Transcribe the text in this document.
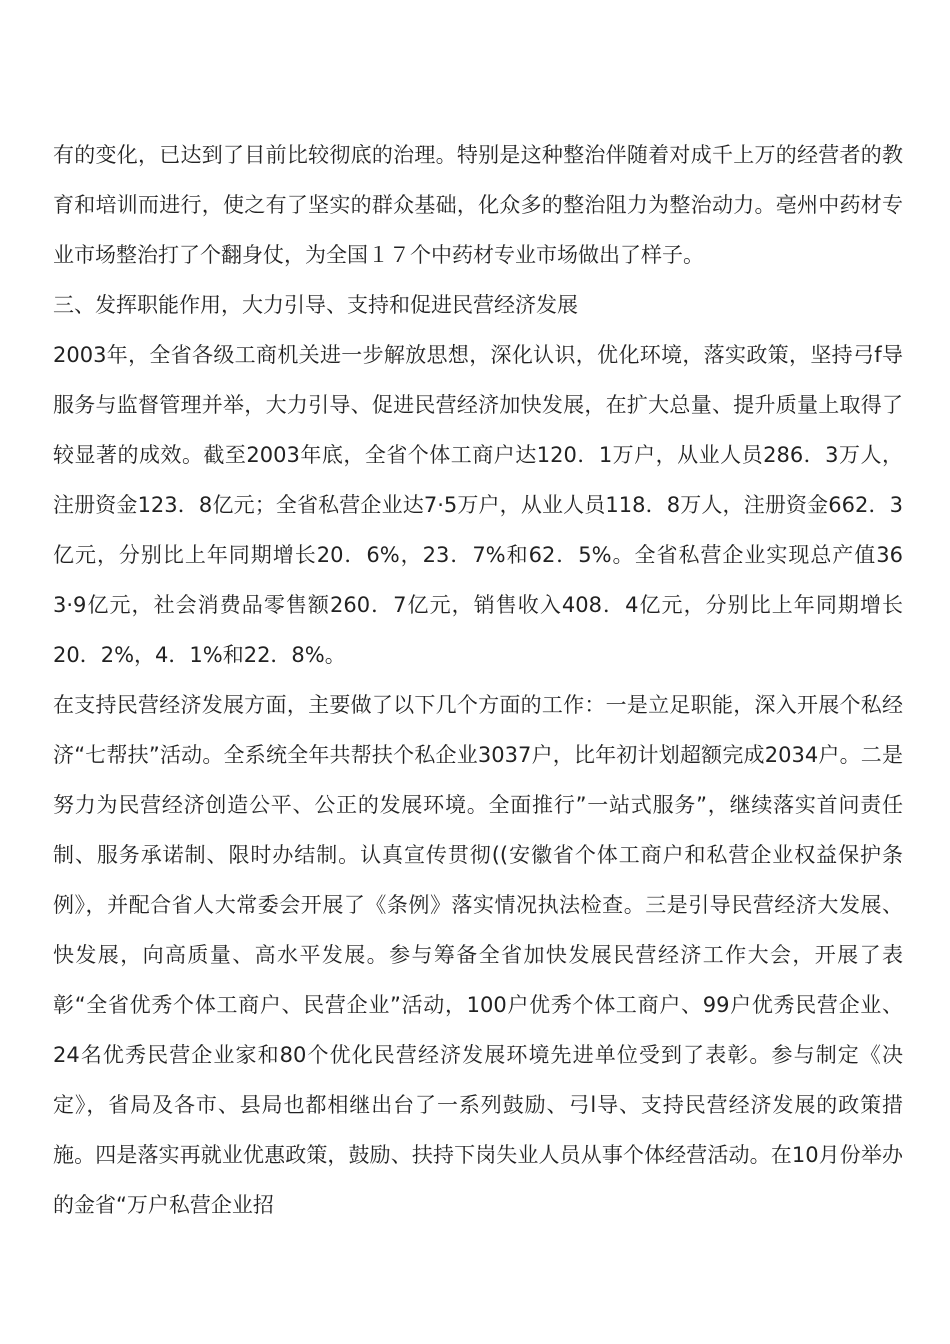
有的变化，已达到了目前比较彻底的治理。特别是这种整治伴随着对成千上万的经营者的教育和培训而进行，使之有了坚实的群众基础，化众多的整治阻力为整治动力。亳州中药材专业市场整治打了个翻身仗，为全国１７个中药材专业市场做出了样子。

三、发挥职能作用，大力引导、支持和促进民营经济发展

2003年，全省各级工商机关进一步解放思想，深化认识，优化环境，落实政策，坚持弓f导服务与监督管理并举，大力引导、促进民营经济加快发展，在扩大总量、提升质量上取得了较显著的成效。截至2003年底，全省个体工商户达120．1万户，从业人员286．3万人，注册资金123．8亿元；全省私营企业达7·5万户，从业人员118．8万人，注册资金662．3亿元，分别比上年同期增长20．6%，23．7%和62．5%。全省私营企业实现总产值36 3·9亿元，社会消费品零售额260．7亿元，销售收入408．4亿元，分别比上年同期增长20．2%，4．1%和22．8%。

在支持民营经济发展方面，主要做了以下几个方面的工作：一是立足职能，深入开展个私经济“七帮扶”活动。全系统全年共帮扶个私企业3037户，比年初计划超额完成2034户。二是努力为民营经济创造公平、公正的发展环境。全面推行”一站式服务”，继续落实首问责任制、服务承诺制、限时办结制。认真宣传贯彻((安徽省个体工商户和私营企业权益保护条例》，并配合省人大常委会开展了《条例》落实情况执法检查。三是引导民营经济大发展、快发展，向高质量、高水平发展。参与筹备全省加快发展民营经济工作大会，开展了表彰“全省优秀个体工商户、民营企业”活动，100户优秀个体工商户、99户优秀民营企业、24名优秀民营企业家和80个优化民营经济发展环境先进单位受到了表彰。参与制定《决定》，省局及各市、县局也都相继出台了一系列鼓励、弓l导、支持民营经济发展的政策措施。四是落实再就业优惠政策，鼓励、扶持下岗失业人员从事个体经营活动。在10月份举办的金省“万户私营企业招
